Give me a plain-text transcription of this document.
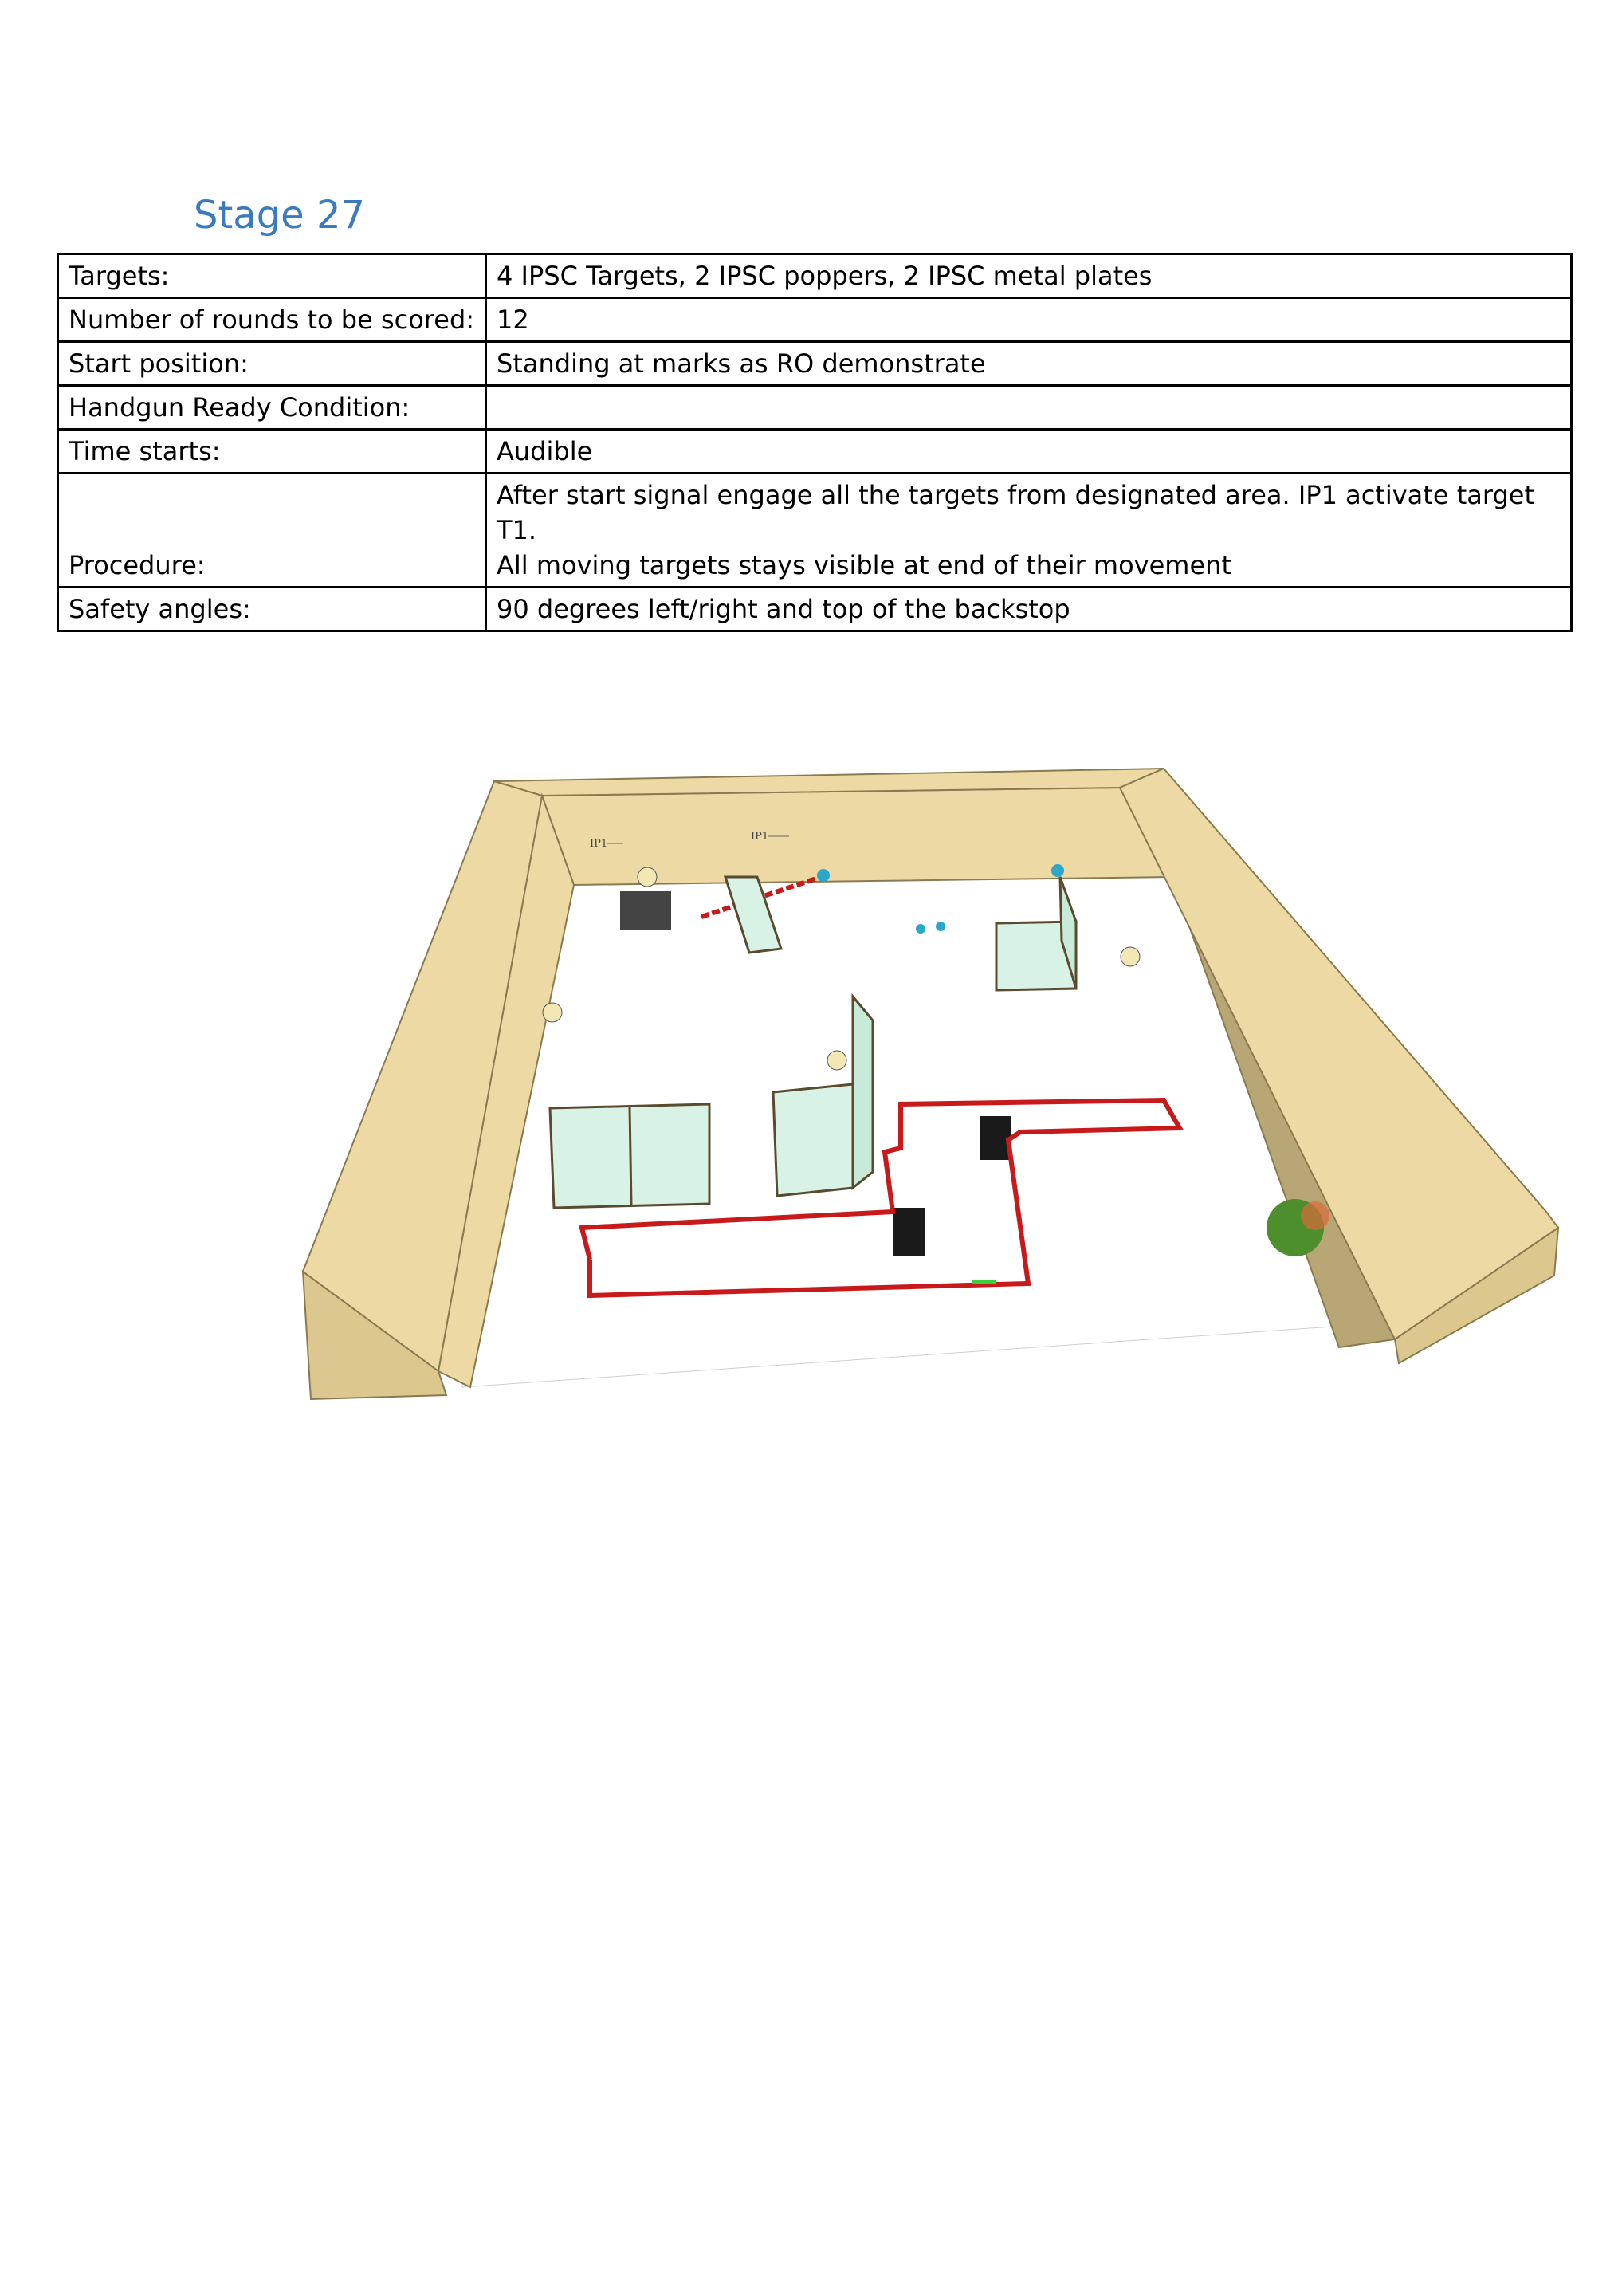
Stage 27
Targets:	4 IPSC Targets, 2 IPSC poppers, 2 IPSC metal plates
Number of rounds to be scored:	12
Start position:	Standing at marks as RO demonstrate
Handgun Ready Condition:	
Time starts:	Audible
Procedure:	After start signal engage all the targets from designated area. IP1 activate target T1.
All moving targets stays visible at end of their movement

Safety angles:	90 degrees left/right and top of the backstop
IP1
IP1
